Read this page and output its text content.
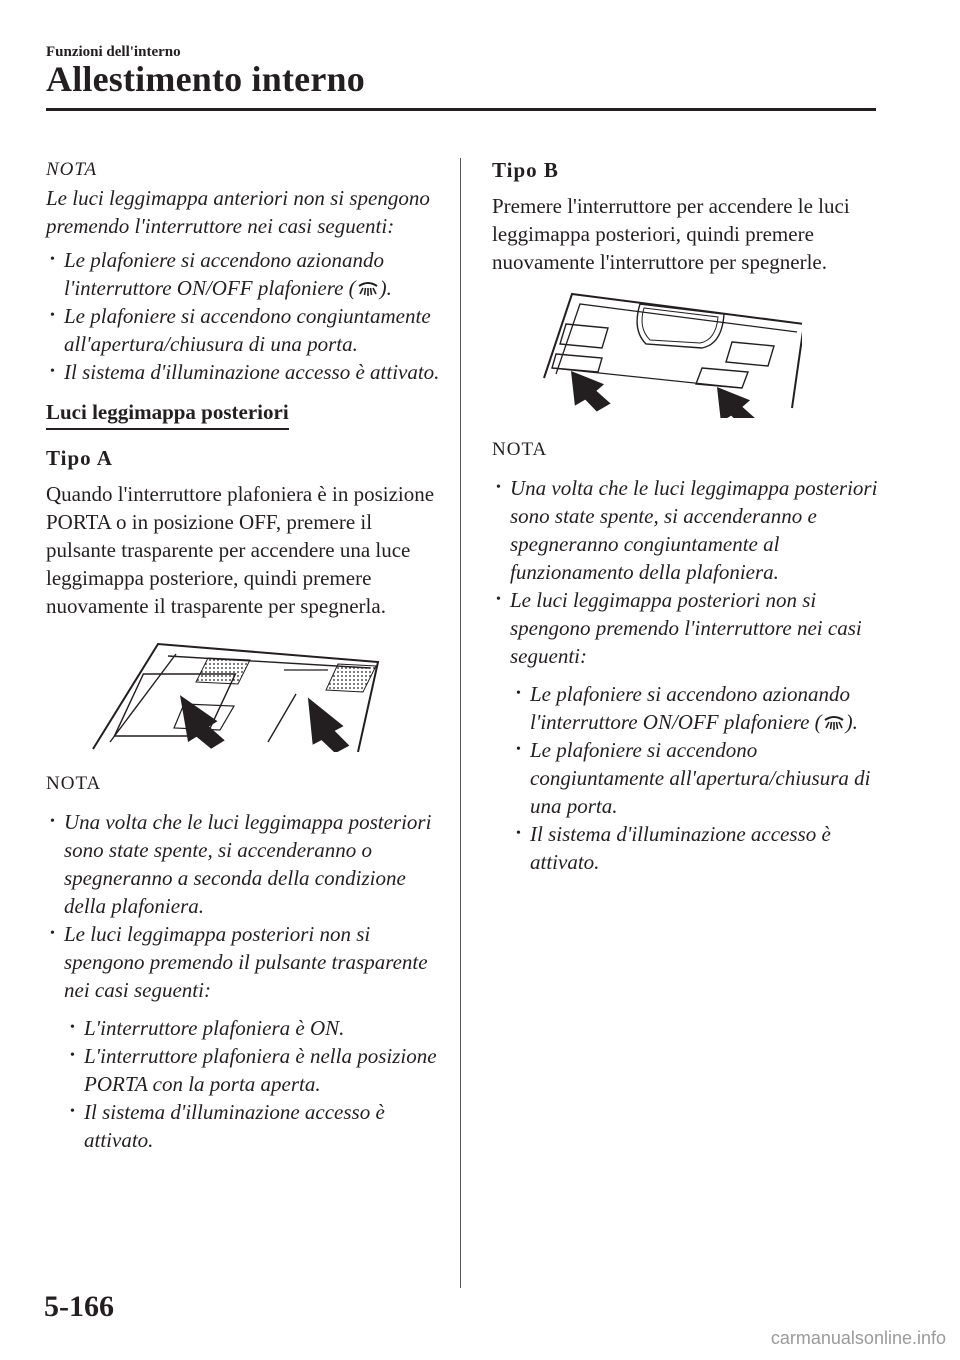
Funzioni dell'interno
Allestimento interno
NOTA
Le luci leggimappa anteriori non si spengono premendo l'interruttore nei casi seguenti:
• Le plafoniere si accendono azionando l'interruttore ON/OFF plafoniere ( ).
• Le plafoniere si accendono congiuntamente all'apertura/chiusura di una porta.
• Il sistema d'illuminazione accesso è attivato.
Luci leggimappa posteriori
Tipo A
Quando l'interruttore plafoniera è in posizione PORTA o in posizione OFF, premere il pulsante trasparente per accendere una luce leggimappa posteriore, quindi premere nuovamente il trasparente per spegnerla.
NOTA
• Una volta che le luci leggimappa posteriori sono state spente, si accenderanno o spegneranno a seconda della condizione della plafoniera.
• Le luci leggimappa posteriori non si spengono premendo il pulsante trasparente nei casi seguenti:
• L'interruttore plafoniera è ON.
• L'interruttore plafoniera è nella posizione PORTA con la porta aperta.
• Il sistema d'illuminazione accesso è attivato.
Tipo B
Premere l'interruttore per accendere le luci leggimappa posteriori, quindi premere nuovamente l'interruttore per spegnerle.
NOTA
• Una volta che le luci leggimappa posteriori sono state spente, si accenderanno e spegneranno congiuntamente al funzionamento della plafoniera.
• Le luci leggimappa posteriori non si spengono premendo l'interruttore nei casi seguenti:
• Le plafoniere si accendono azionando l'interruttore ON/OFF plafoniere ( ).
• Le plafoniere si accendono congiuntamente all'apertura/chiusura di una porta.
• Il sistema d'illuminazione accesso è attivato.
5-166
carmanualsonline.info
